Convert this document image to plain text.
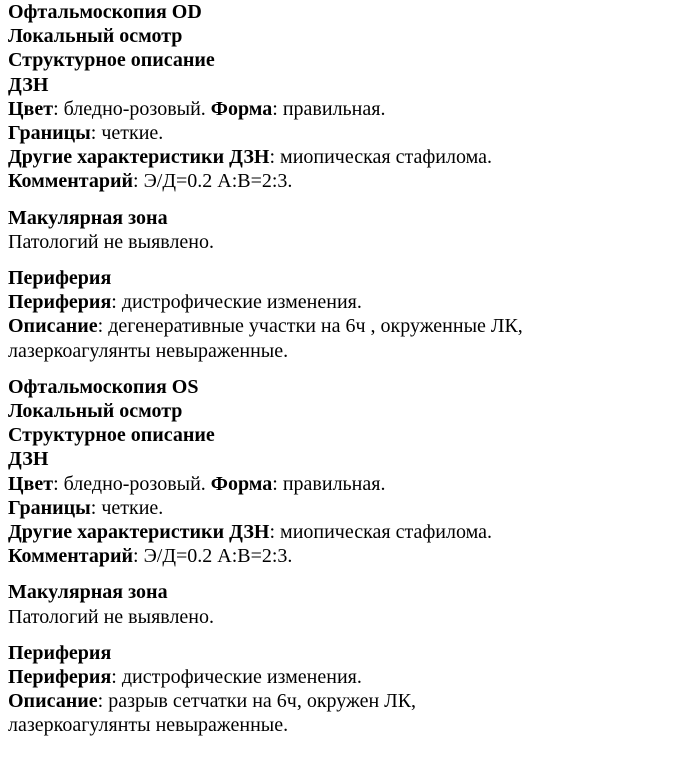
Офтальмоскопия OD
Локальный осмотр
Структурное описание
ДЗН
Цвет: бледно-розовый. Форма: правильная.
Границы: четкие.
Другие характеристики ДЗН: миопическая стафилома.
Комментарий: Э/Д=0.2 А:В=2:3.
Макулярная зона
Патологий не выявлено.
Периферия
Периферия: дистрофические изменения.
Описание: дегенеративные участки на 6ч , окруженные ЛК,
лазеркоагулянты невыраженные.
Офтальмоскопия OS
Локальный осмотр
Структурное описание
ДЗН
Цвет: бледно-розовый. Форма: правильная.
Границы: четкие.
Другие характеристики ДЗН: миопическая стафилома.
Комментарий: Э/Д=0.2 А:В=2:3.
Макулярная зона
Патологий не выявлено.
Периферия
Периферия: дистрофические изменения.
Описание: разрыв сетчатки на 6ч, окружен ЛК,
лазеркоагулянты невыраженные.
